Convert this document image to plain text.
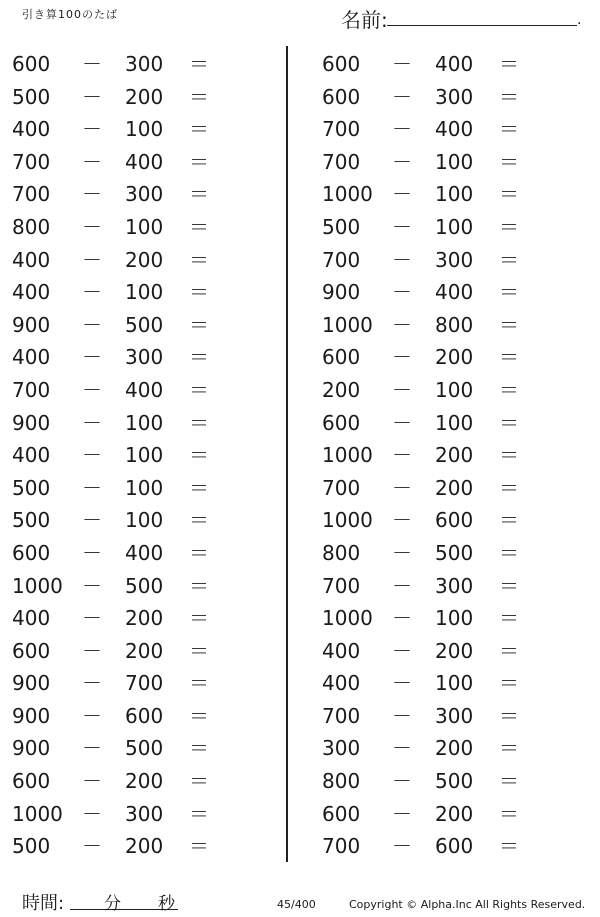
引き算100のたば	名前:	.
600 － 300 ＝
500 － 200 ＝
400 － 100 ＝
700 － 400 ＝
700 － 300 ＝
800 － 100 ＝
400 － 200 ＝
400 － 100 ＝
900 － 500 ＝
400 － 300 ＝
700 － 400 ＝
900 － 100 ＝
400 － 100 ＝
500 － 100 ＝
500 － 100 ＝
600 － 400 ＝
1000 － 500 ＝
400 － 200 ＝
600 － 200 ＝
900 － 700 ＝
900 － 600 ＝
900 － 500 ＝
600 － 200 ＝
1000 － 300 ＝
500 － 200 ＝
600 － 400 ＝
600 － 300 ＝
700 － 400 ＝
700 － 100 ＝
1000 － 100 ＝
500 － 100 ＝
700 － 300 ＝
900 － 400 ＝
1000 － 800 ＝
600 － 200 ＝
200 － 100 ＝
600 － 100 ＝
1000 － 200 ＝
700 － 200 ＝
1000 － 600 ＝
800 － 500 ＝
700 － 300 ＝
1000 － 100 ＝
400 － 200 ＝
400 － 100 ＝
700 － 300 ＝
300 － 200 ＝
800 － 500 ＝
600 － 200 ＝
700 － 600 ＝
時間: 分 秒	45/400	Copyright © Alpha.Inc All Rights Reserved.
